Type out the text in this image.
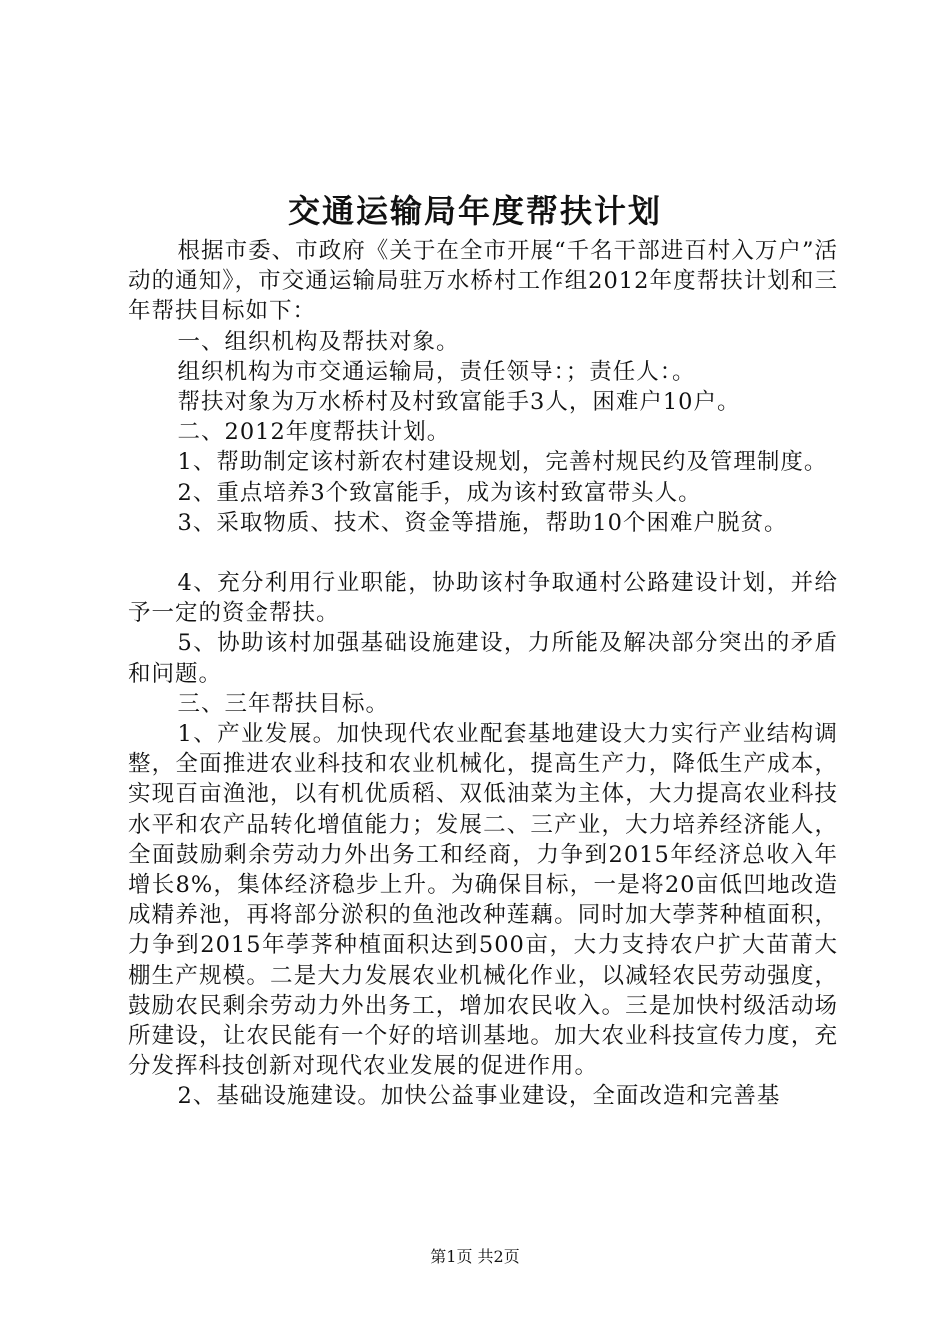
交通运输局年度帮扶计划

根据市委、市政府《关于在全市开展“千名干部进百村入万户”活动的通知》，市交通运输局驻万水桥村工作组2012年度帮扶计划和三年帮扶目标如下：

一、组织机构及帮扶对象。

组织机构为市交通运输局，责任领导：；责任人：。

帮扶对象为万水桥村及村致富能手3人，困难户10户。

二、2012年度帮扶计划。

1、帮助制定该村新农村建设规划，完善村规民约及管理制度。

2、重点培养3个致富能手，成为该村致富带头人。

3、采取物质、技术、资金等措施，帮助10个困难户脱贫。

4、充分利用行业职能，协助该村争取通村公路建设计划，并给予一定的资金帮扶。

5、协助该村加强基础设施建设，力所能及解决部分突出的矛盾和问题。

三、三年帮扶目标。

1、产业发展。加快现代农业配套基地建设大力实行产业结构调整，全面推进农业科技和农业机械化，提高生产力，降低生产成本，实现百亩渔池，以有机优质稻、双低油菜为主体，大力提高农业科技水平和农产品转化增值能力；发展二、三产业，大力培养经济能人，全面鼓励剩余劳动力外出务工和经商，力争到2015年经济总收入年增长8%，集体经济稳步上升。为确保目标，一是将20亩低凹地改造成精养池，再将部分淤积的鱼池改种莲藕。同时加大荸荠种植面积，力争到2015年荸荠种植面积达到500亩，大力支持农户扩大苗莆大棚生产规模。二是大力发展农业机械化作业，以减轻农民劳动强度，鼓励农民剩余劳动力外出务工，增加农民收入。三是加快村级活动场所建设，让农民能有一个好的培训基地。加大农业科技宣传力度，充分发挥科技创新对现代农业发展的促进作用。

2、基础设施建设。加快公益事业建设，全面改造和完善基

第1页 共2页
